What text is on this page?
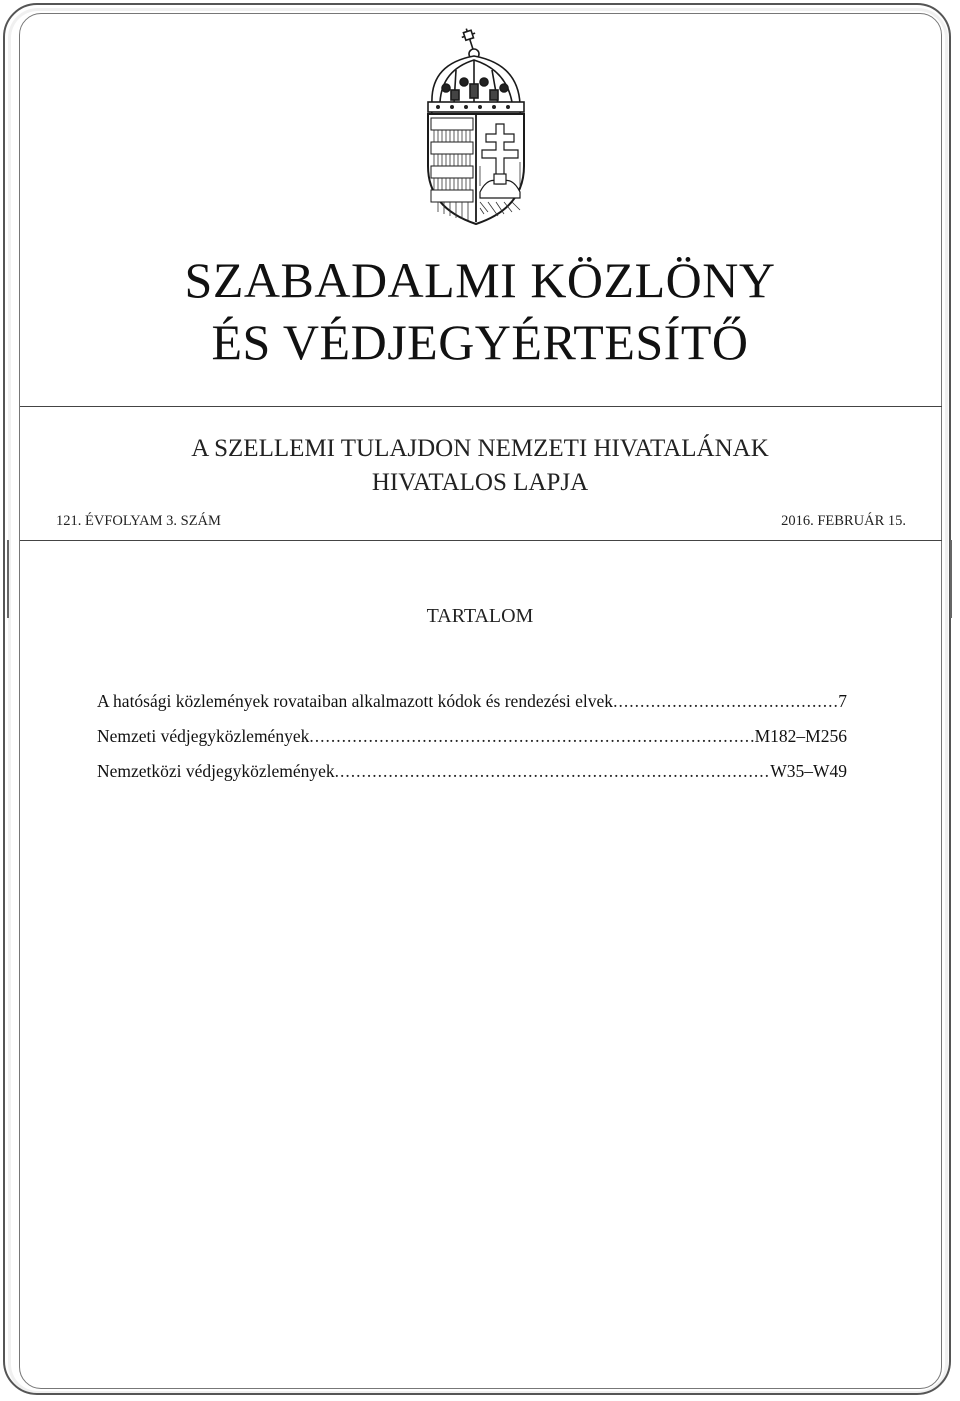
SZABADALMI KÖZLÖNY
ÉS VÉDJEGYÉRTESÍTŐ
A SZELLEMI TULAJDON NEMZETI HIVATALÁNAK
HIVATALOS LAPJA
121. ÉVFOLYAM 3. SZÁM	2016. FEBRUÁR 15.
TARTALOM
A hatósági közlemények rovataiban alkalmazott kódok és rendezési elvek .....	7
Nemzeti védjegyközlemények .....	M182–M256
Nemzetközi védjegyközlemények .....	W35–W49
